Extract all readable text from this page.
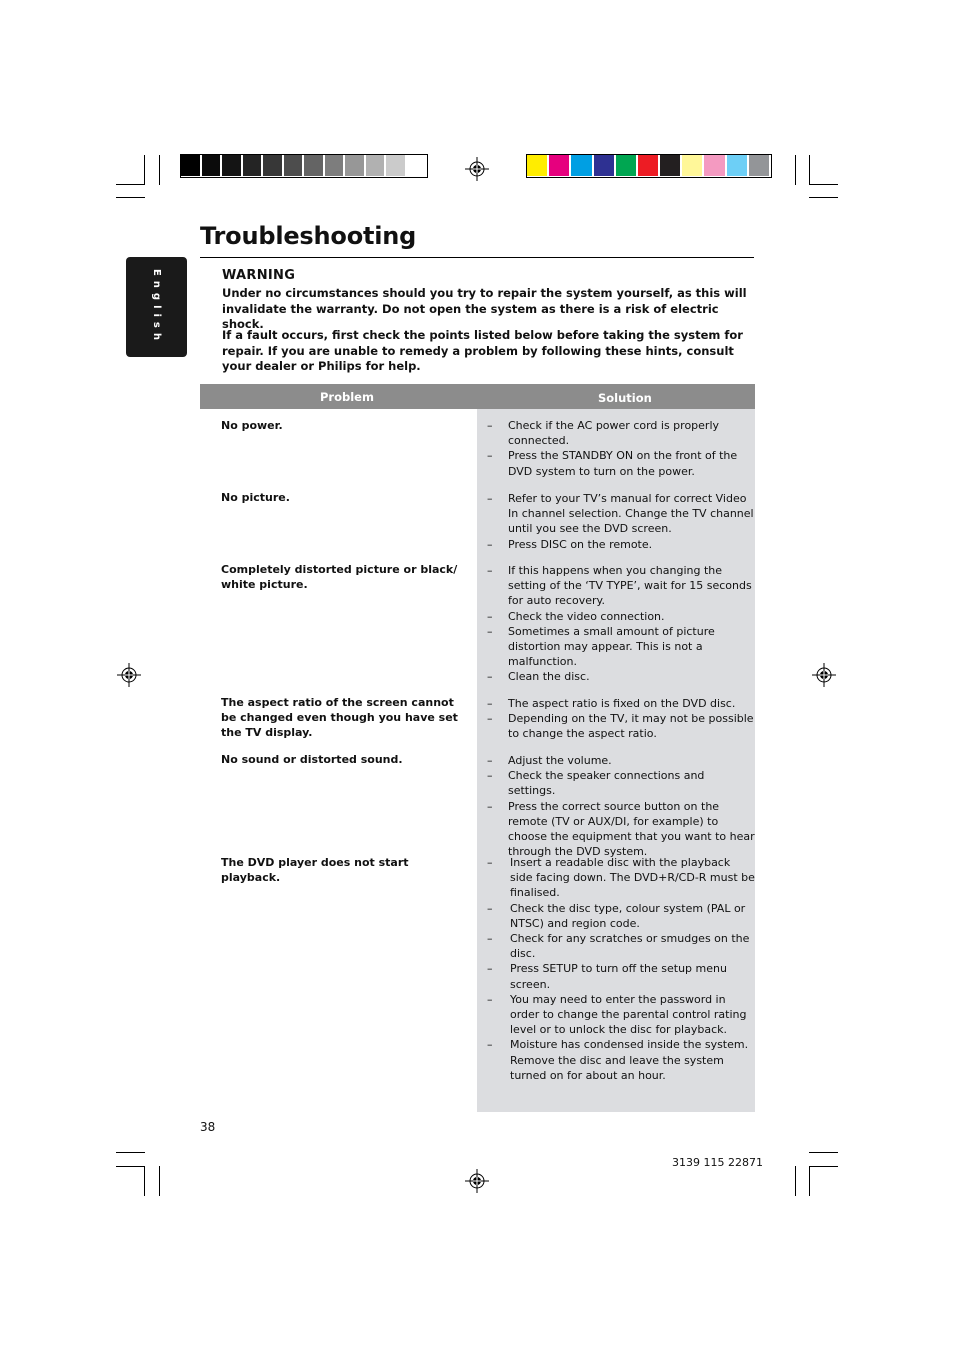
Troubleshooting
English	WARNING

Under no circumstances should you try to repair the system yourself, as this will invalidate the warranty. Do not open the system as there is a risk of electric shock.

If a fault occurs, first check the points listed below before taking the system for repair. If you are unable to remedy a problem by following these hints, consult your dealer or Philips for help.

Problem	Solution
No power.	– Check if the AC power cord is properly connected.
– Press the STANDBY ON on the front of the DVD system to turn on the power.
No picture.	– Refer to your TV’s manual for correct Video In channel selection. Change the TV channel until you see the DVD screen.
– Press DISC on the remote.
Completely distorted picture or black/ white picture.
– If this happens when you changing the setting of the ‘TV TYPE’, wait for 15 seconds for auto recovery.
– Check the video connection.
– Sometimes a small amount of picture distortion may appear. This is not a malfunction.
– Clean the disc.
The aspect ratio of the screen cannot be changed even though you have set the TV display.
– The aspect ratio is fixed on the DVD disc.
– Depending on the TV, it may not be possible to change the aspect ratio.
No sound or distorted sound.	– Adjust the volume.
– Check the speaker connections and settings.
– Press the correct source button on the remote (TV or AUX/DI, for example) to choose the equipment that you want to hear through the DVD system.
The DVD player does not start playback.
– Insert a readable disc with the playback side facing down. The DVD+R/CD-R must be finalised.
– Check the disc type, colour system (PAL or NTSC) and region code.
– Check for any scratches or smudges on the disc.
– Press SETUP to turn off the setup menu screen.
– You may need to enter the password in order to change the parental control rating level or to unlock the disc for playback.
– Moisture has condensed inside the system. Remove the disc and leave the system turned on for about an hour.
38
3139 115 22871
